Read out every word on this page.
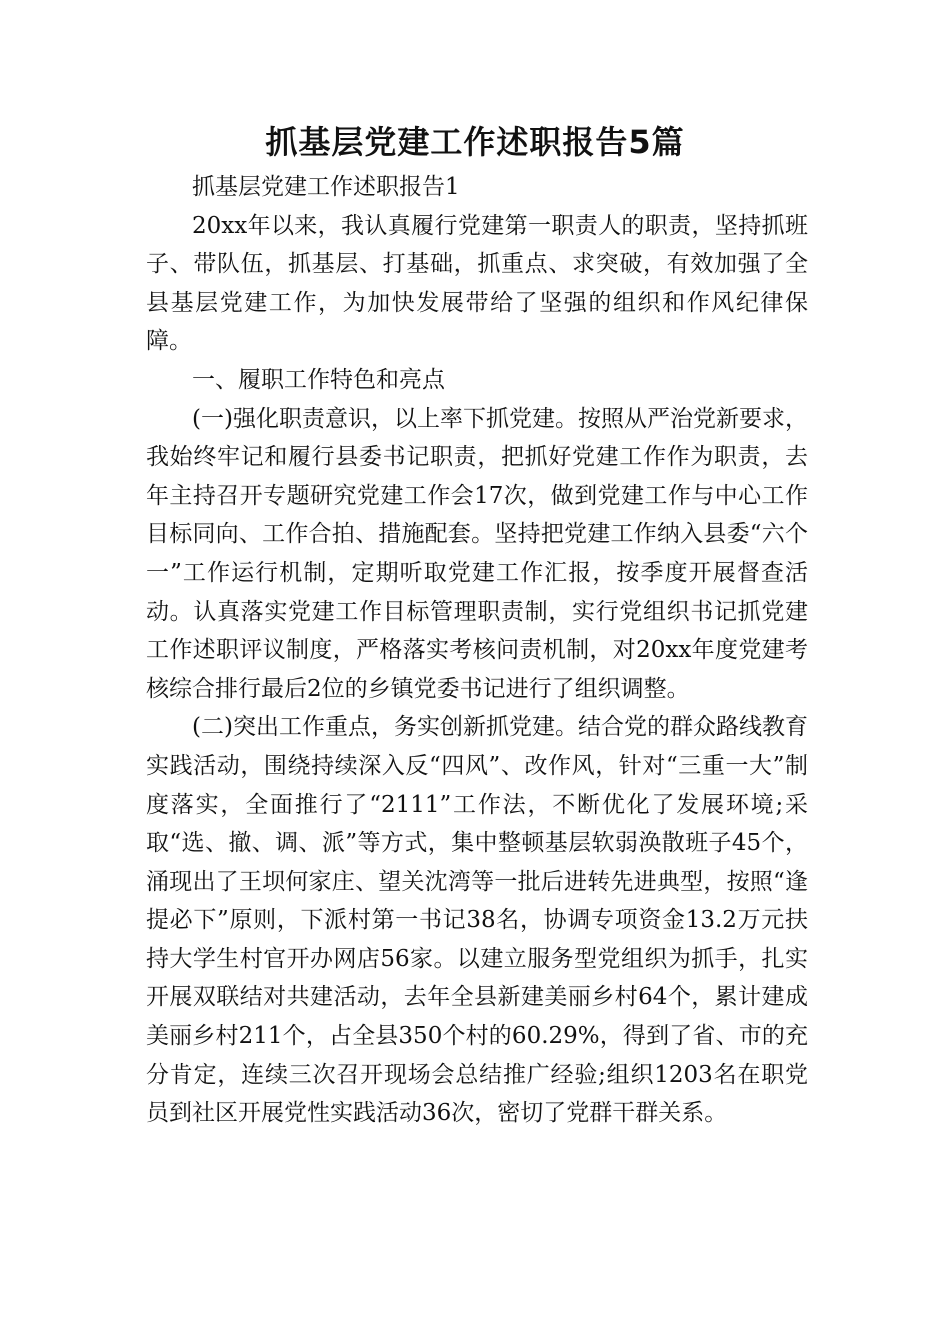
抓基层党建工作述职报告5篇

抓基层党建工作述职报告1

20xx年以来，我认真履行党建第一职责人的职责，坚持抓班子、带队伍，抓基层、打基础，抓重点、求突破，有效加强了全县基层党建工作，为加快发展带给了坚强的组织和作风纪律保障。

一、履职工作特色和亮点

(一)强化职责意识，以上率下抓党建。按照从严治党新要求，我始终牢记和履行县委书记职责，把抓好党建工作作为职责，去年主持召开专题研究党建工作会17次，做到党建工作与中心工作目标同向、工作合拍、措施配套。坚持把党建工作纳入县委“六个一”工作运行机制，定期听取党建工作汇报，按季度开展督查活动。认真落实党建工作目标管理职责制，实行党组织书记抓党建工作述职评议制度，严格落实考核问责机制，对20xx年度党建考核综合排行最后2位的乡镇党委书记进行了组织调整。

(二)突出工作重点，务实创新抓党建。结合党的群众路线教育实践活动，围绕持续深入反“四风”、改作风，针对“三重一大”制度落实，全面推行了“2111”工作法，不断优化了发展环境;采取“选、撤、调、派”等方式，集中整顿基层软弱涣散班子45个，涌现出了王坝何家庄、望关沈湾等一批后进转先进典型，按照“逢提必下”原则，下派村第一书记38名，协调专项资金13.2万元扶持大学生村官开办网店56家。以建立服务型党组织为抓手，扎实开展双联结对共建活动，去年全县新建美丽乡村64个，累计建成美丽乡村211个，占全县350个村的60.29%，得到了省、市的充分肯定，连续三次召开现场会总结推广经验;组织1203名在职党员到社区开展党性实践活动36次，密切了党群干群关系。
